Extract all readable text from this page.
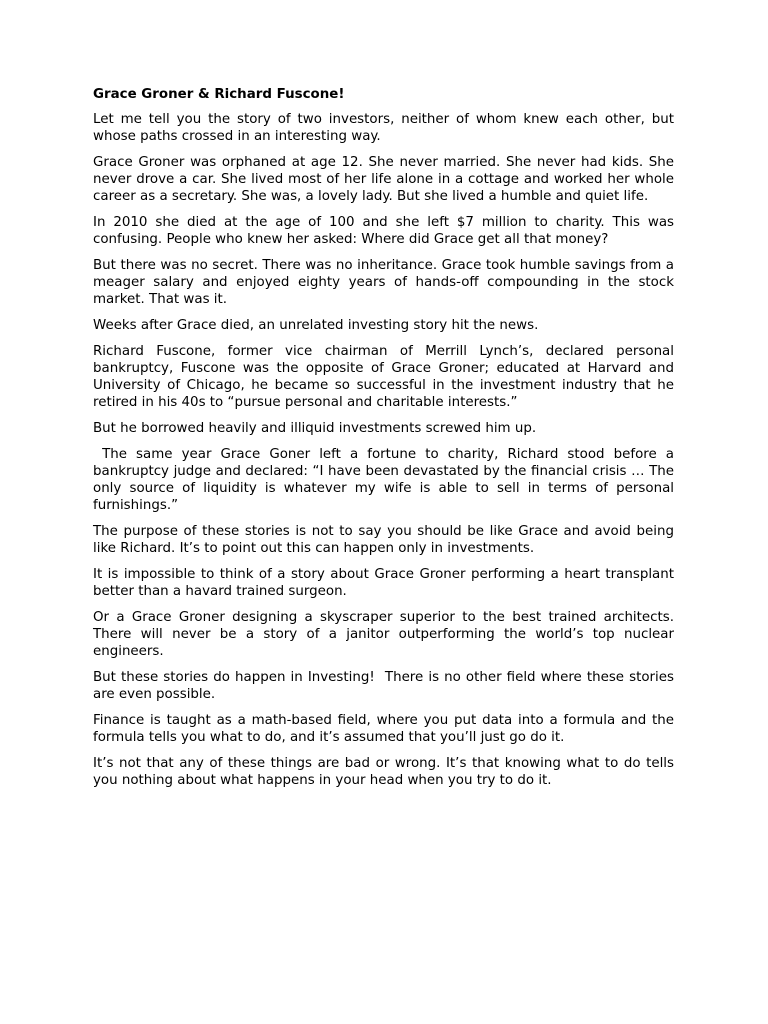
Grace Groner & Richard Fuscone!

Let me tell you the story of two investors, neither of whom knew each other, but whose paths crossed in an interesting way.

Grace Groner was orphaned at age 12. She never married. She never had kids. She never drove a car. She lived most of her life alone in a cottage and worked her whole career as a secretary. She was, a lovely lady. But she lived a humble and quiet life.

In 2010 she died at the age of 100 and she left $7 million to charity. This was confusing. People who knew her asked: Where did Grace get all that money?

But there was no secret. There was no inheritance. Grace took humble savings from a meager salary and enjoyed eighty years of hands-off compounding in the stock market. That was it.

Weeks after Grace died, an unrelated investing story hit the news.

Richard Fuscone, former vice chairman of Merrill Lynch’s, declared personal bankruptcy, Fuscone was the opposite of Grace Groner; educated at Harvard and University of Chicago, he became so successful in the investment industry that he retired in his 40s to “pursue personal and charitable interests.”

But he borrowed heavily and illiquid investments screwed him up.

The same year Grace Goner left a fortune to charity, Richard stood before a bankruptcy judge and declared: “I have been devastated by the financial crisis … The only source of liquidity is whatever my wife is able to sell in terms of personal furnishings.”

The purpose of these stories is not to say you should be like Grace and avoid being like Richard. It’s to point out this can happen only in investments.

It is impossible to think of a story about Grace Groner performing a heart transplant better than a havard trained surgeon.

Or a Grace Groner designing a skyscraper superior to the best trained architects. There will never be a story of a janitor outperforming the world’s top nuclear engineers.

But these stories do happen in Investing!  There is no other field where these stories are even possible.

Finance is taught as a math-based field, where you put data into a formula and the formula tells you what to do, and it’s assumed that you’ll just go do it.

It’s not that any of these things are bad or wrong. It’s that knowing what to do tells you nothing about what happens in your head when you try to do it.
